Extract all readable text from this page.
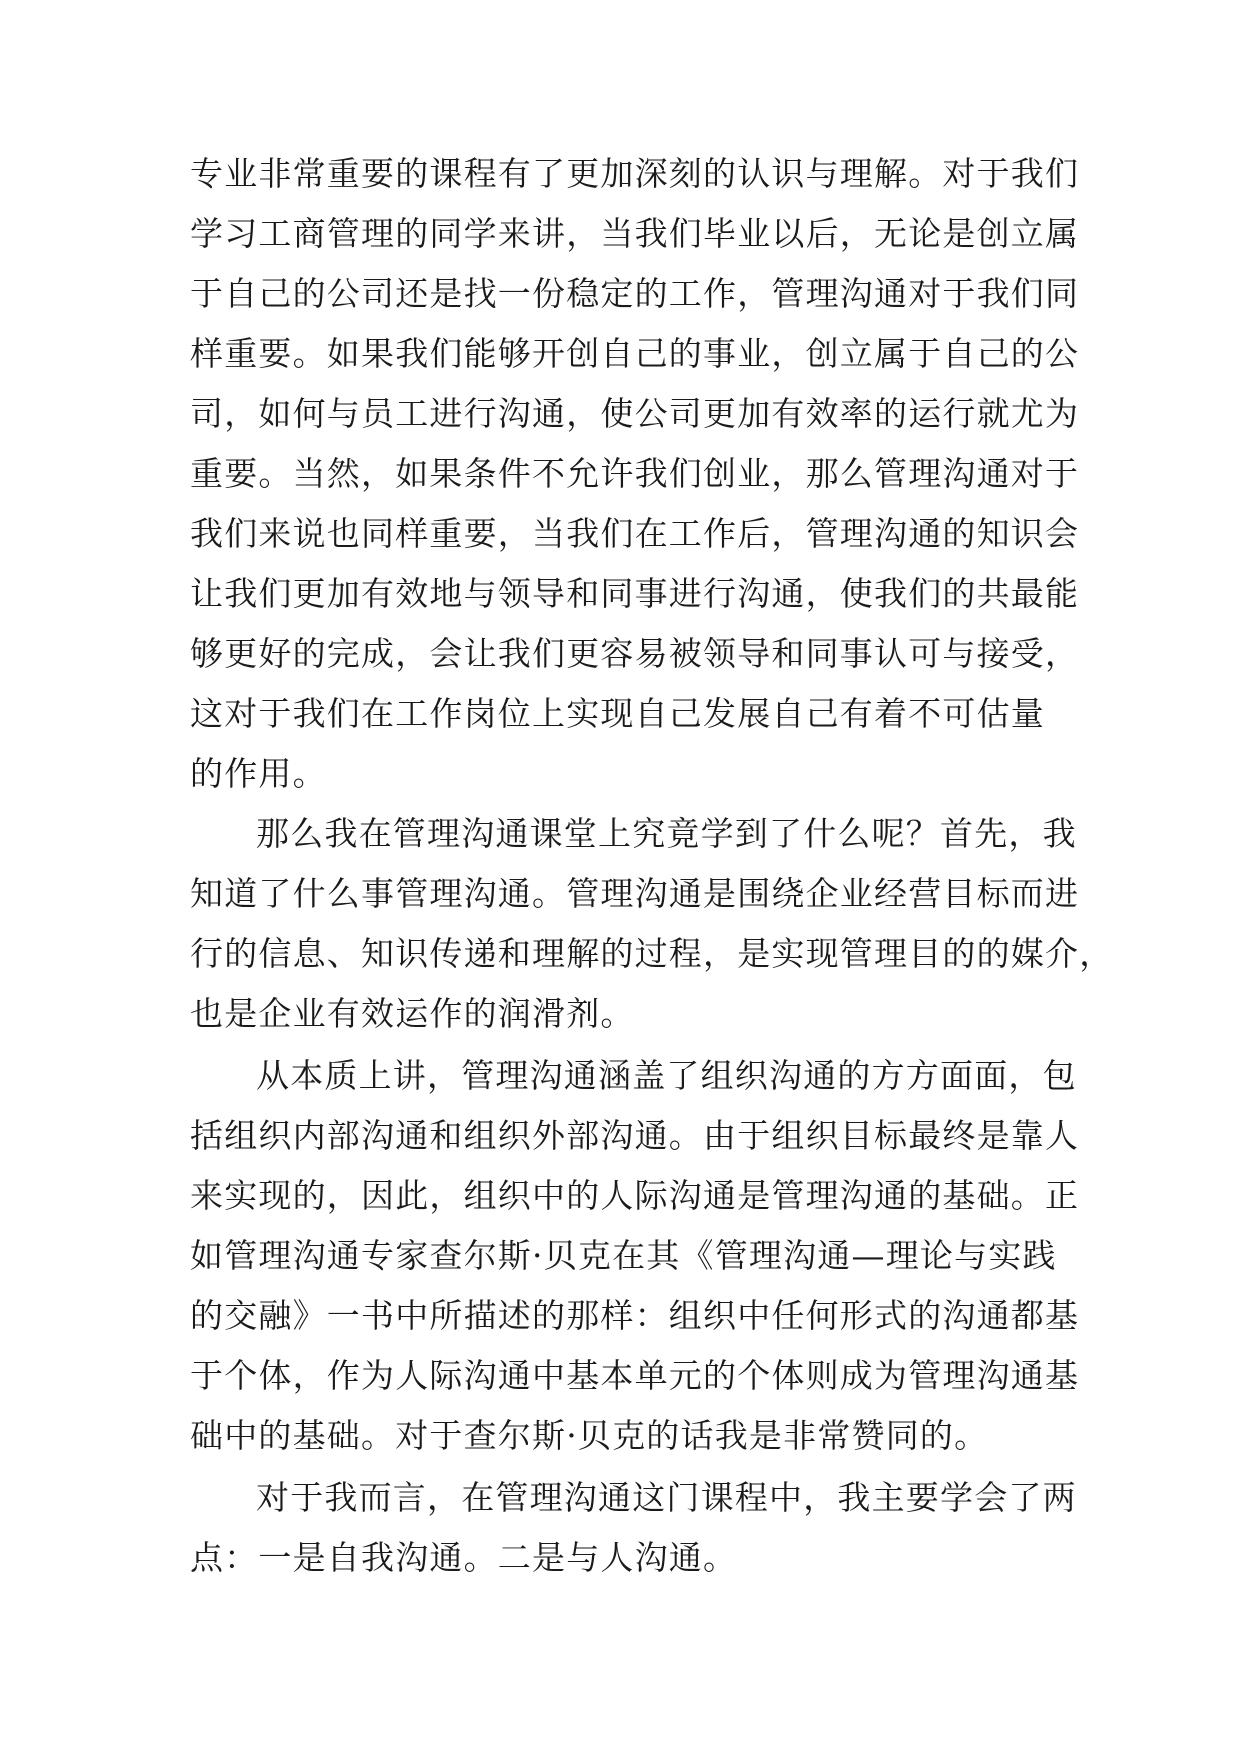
专业非常重要的课程有了更加深刻的认识与理解。对于我们
学习工商管理的同学来讲，当我们毕业以后，无论是创立属
于自己的公司还是找一份稳定的工作，管理沟通对于我们同
样重要。如果我们能够开创自己的事业，创立属于自己的公
司，如何与员工进行沟通，使公司更加有效率的运行就尤为
重要。当然，如果条件不允许我们创业，那么管理沟通对于
我们来说也同样重要，当我们在工作后，管理沟通的知识会
让我们更加有效地与领导和同事进行沟通，使我们的共最能
够更好的完成，会让我们更容易被领导和同事认可与接受，
这对于我们在工作岗位上实现自己发展自己有着不可估量
的作用。
那么我在管理沟通课堂上究竟学到了什么呢？首先，我
知道了什么事管理沟通。管理沟通是围绕企业经营目标而进
行的信息、知识传递和理解的过程，是实现管理目的的媒介，
也是企业有效运作的润滑剂。
从本质上讲，管理沟通涵盖了组织沟通的方方面面，包
括组织内部沟通和组织外部沟通。由于组织目标最终是靠人
来实现的，因此，组织中的人际沟通是管理沟通的基础。正
如管理沟通专家查尔斯·贝克在其《管理沟通—理论与实践
的交融》一书中所描述的那样：组织中任何形式的沟通都基
于个体，作为人际沟通中基本单元的个体则成为管理沟通基
础中的基础。对于查尔斯·贝克的话我是非常赞同的。
对于我而言，在管理沟通这门课程中，我主要学会了两
点：一是自我沟通。二是与人沟通。
